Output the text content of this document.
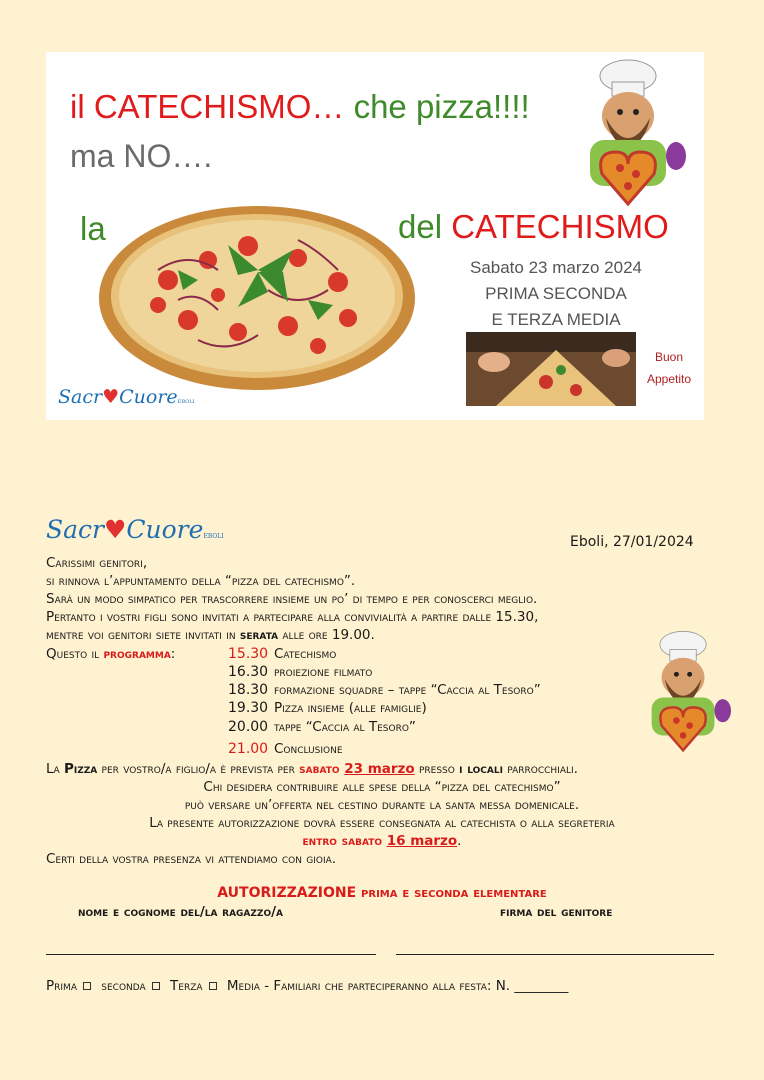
il CATECHISMO… che pizza!!!!
ma NO….
la	del CATECHISMO
Sabato 23 marzo 2024
PRIMA SECONDA
E TERZA MEDIA
Buon
Appetito
Sacr♥CuoreEBOLI
Sacr♥CuoreEBOLI	Eboli, 27/01/2024
Carissimi genitori,
si rinnova l’appuntamento della “pizza del catechismo”.
Sarà un modo simpatico per trascorrere insieme un po’ di tempo e per conoscerci meglio.
Pertanto i vostri figli sono invitati a partecipare alla convivialità a partire dalle 15.30,
mentre voi genitori siete invitati in serata alle ore 19.00.
Questo il programma:	15.30 Catechismo
16.30 proiezione filmato
18.30 formazione squadre – tappe “Caccia al Tesoro”
19.30 Pizza insieme (alle famiglie)
20.00 tappe “Caccia al Tesoro”
21.00 Conclusione
La Pizza per vostro/a figlio/a è prevista per sabato 23 marzo presso i locali parrocchiali.
Chi desidera contribuire alle spese della “pizza del catechismo”
può versare un’offerta nel cestino durante la santa messa domenicale.
La presente autorizzazione dovrà essere consegnata al catechista o alla segreteria
entro sabato 16 marzo.
Certi della vostra presenza vi attendiamo con gioia.
AUTORIZZAZIONE prima e seconda elementare
nome e cognome del/la ragazzo/a	firma del genitore
Prima seconda Terza Media - Familiari che parteciperanno alla festa: N. ________
